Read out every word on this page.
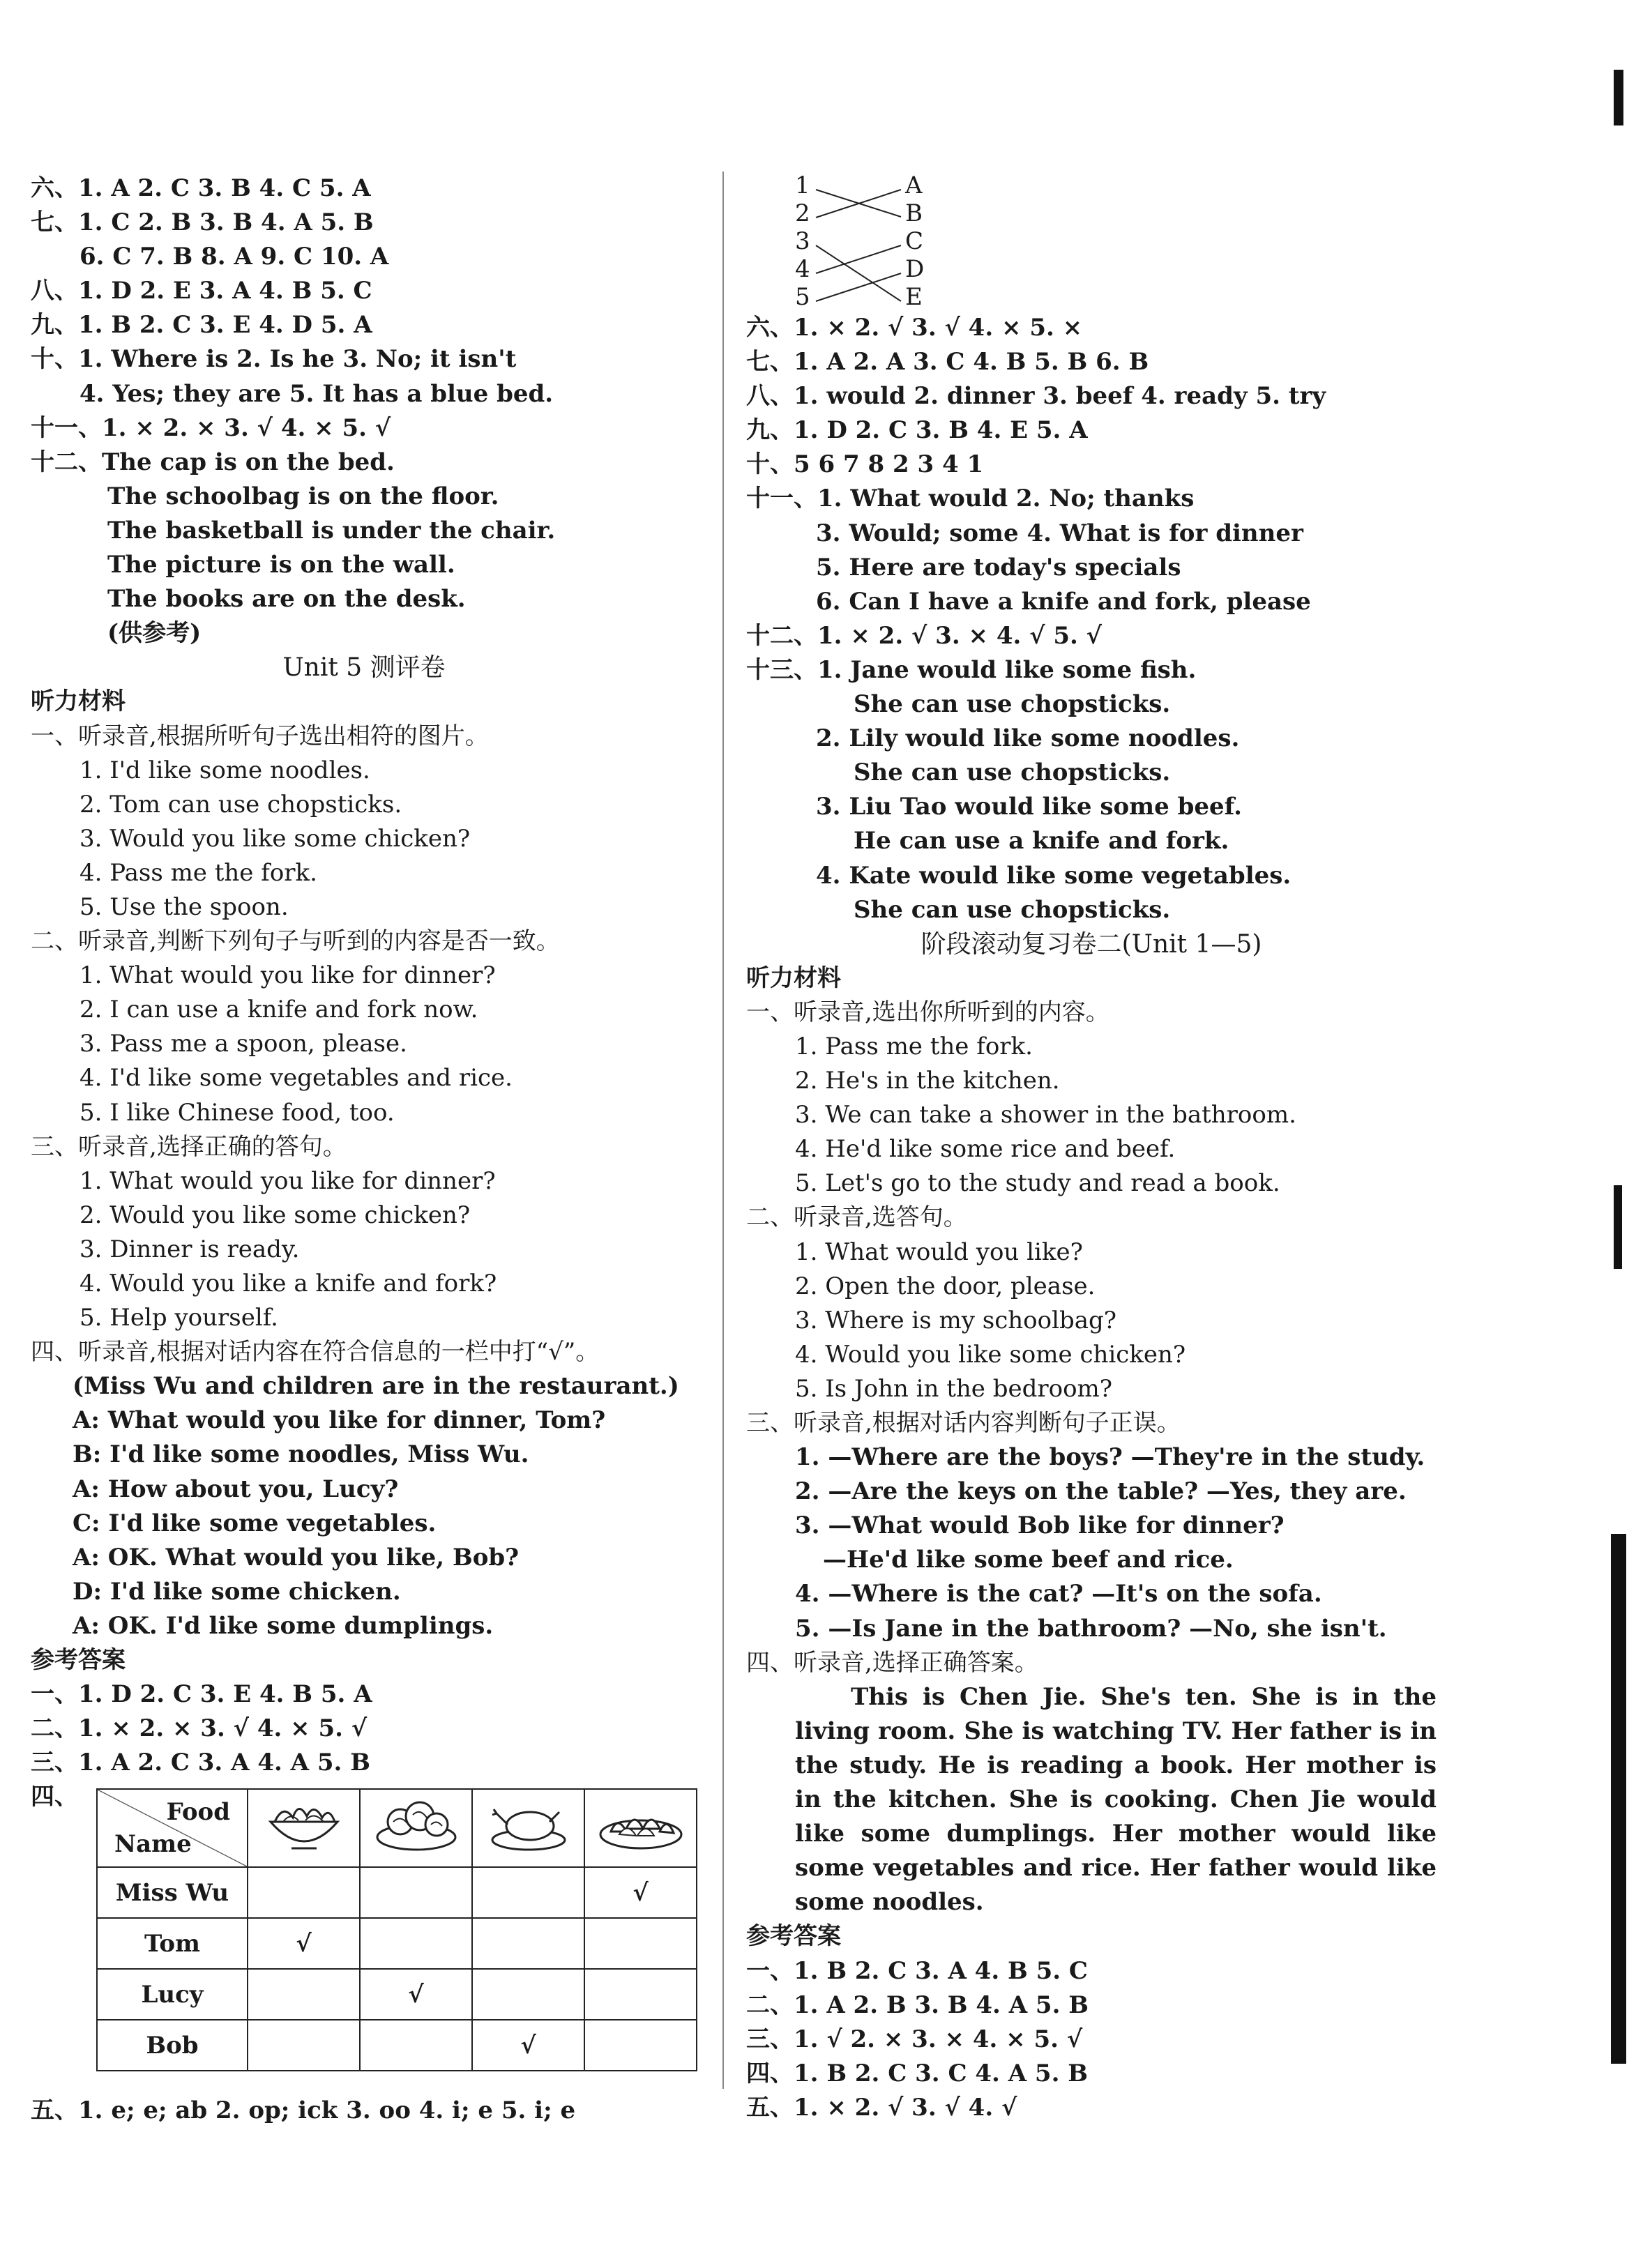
六、1. A 2. C 3. B 4. C 5. A
七、1. C 2. B 3. B 4. A 5. B
6. C 7. B 8. A 9. C 10. A
八、1. D 2. E 3. A 4. B 5. C
九、1. B 2. C 3. E 4. D 5. A
十、1. Where is 2. Is he 3. No; it isn't
4. Yes; they are 5. It has a blue bed.
十一、1. × 2. × 3. √ 4. × 5. √
十二、The cap is on the bed.
The schoolbag is on the floor.
The basketball is under the chair.
The picture is on the wall.
The books are on the desk.
(供参考)
Unit 5 测评卷
听力材料
一、听录音,根据所听句子选出相符的图片。
1. I'd like some noodles.
2. Tom can use chopsticks.
3. Would you like some chicken?
4. Pass me the fork.
5. Use the spoon.
二、听录音,判断下列句子与听到的内容是否一致。
1. What would you like for dinner?
2. I can use a knife and fork now.
3. Pass me a spoon, please.
4. I'd like some vegetables and rice.
5. I like Chinese food, too.
三、听录音,选择正确的答句。
1. What would you like for dinner?
2. Would you like some chicken?
3. Dinner is ready.
4. Would you like a knife and fork?
5. Help yourself.
四、听录音,根据对话内容在符合信息的一栏中打“√”。
(Miss Wu and children are in the restaurant.)
A: What would you like for dinner, Tom?
B: I'd like some noodles, Miss Wu.
A: How about you, Lucy?
C: I'd like some vegetables.
A: OK. What would you like, Bob?
D: I'd like some chicken.
A: OK. I'd like some dumplings.
参考答案
一、1. D 2. C 3. E 4. B 5. A
二、1. × 2. × 3. √ 4. × 5. √
三、1. A 2. C 3. A 4. A 5. B
四、
Food
Name

Miss Wu				√
Tom	√			
Lucy		√		
Bob			√	
五、1. e; e; ab 2. op; ick 3. oo 4. i; e 5. i; e
1
2
3
4
5
A
B
C
D
E
六、1. × 2. √ 3. √ 4. × 5. ×
七、1. A 2. A 3. C 4. B 5. B 6. B
八、1. would 2. dinner 3. beef 4. ready 5. try
九、1. D 2. C 3. B 4. E 5. A
十、5 6 7 8 2 3 4 1
十一、1. What would 2. No; thanks
3. Would; some 4. What is for dinner
5. Here are today's specials
6. Can I have a knife and fork, please
十二、1. × 2. √ 3. × 4. √ 5. √
十三、1. Jane would like some fish.
She can use chopsticks.
2. Lily would like some noodles.
She can use chopsticks.
3. Liu Tao would like some beef.
He can use a knife and fork.
4. Kate would like some vegetables.
She can use chopsticks.
阶段滚动复习卷二(Unit 1—5)
听力材料
一、听录音,选出你所听到的内容。
1. Pass me the fork.
2. He's in the kitchen.
3. We can take a shower in the bathroom.
4. He'd like some rice and beef.
5. Let's go to the study and read a book.
二、听录音,选答句。
1. What would you like?
2. Open the door, please.
3. Where is my schoolbag?
4. Would you like some chicken?
5. Is John in the bedroom?
三、听录音,根据对话内容判断句子正误。
1. —Where are the boys? —They're in the study.
2. —Are the keys on the table? —Yes, they are.
3. —What would Bob like for dinner?
—He'd like some beef and rice.
4. —Where is the cat? —It's on the sofa.
5. —Is Jane in the bathroom? —No, she isn't.
四、听录音,选择正确答案。
This is Chen Jie. She's ten. She is in the living room. She is watching TV. Her father is in the study. He is reading a book. Her mother is in the kitchen. She is cooking. Chen Jie would like some dumplings. Her mother would like some vegetables and rice. Her father would like some noodles.
参考答案
一、1. B 2. C 3. A 4. B 5. C
二、1. A 2. B 3. B 4. A 5. B
三、1. √ 2. × 3. × 4. × 5. √
四、1. B 2. C 3. C 4. A 5. B
五、1. × 2. √ 3. √ 4. √
